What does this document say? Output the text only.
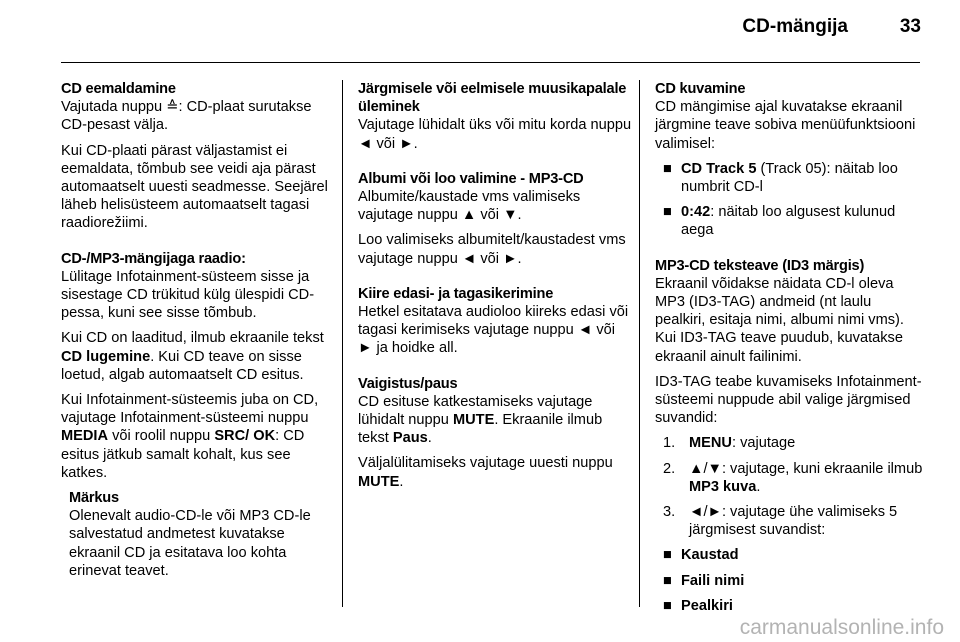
CD-mängija	33
CD eemaldamine

Vajutada nuppu ≙: CD-plaat surutakse CD-pesast välja.

Kui CD-plaati pärast väljastamist ei eemaldata, tõmbub see veidi aja pärast automaatselt uuesti seadmesse. Seejärel läheb helisüsteem automaatselt tagasi raadiorežiimi.

CD-/MP3-mängijaga raadio:

Lülitage Infotainment-süsteem sisse ja sisestage CD trükitud külg ülespidi CD-pessa, kuni see sisse tõmbub.

Kui CD on laaditud, ilmub ekraanile tekst CD lugemine. Kui CD teave on sisse loetud, algab automaatselt CD esitus.

Kui Infotainment-süsteemis juba on CD, vajutage Infotainment-süsteemi nuppu MEDIA või roolil nuppu SRC/ OK: CD esitus jätkub samalt kohalt, kus see katkes.

Märkus

Olenevalt audio-CD-le või MP3 CD-le salvestatud andmetest kuvatakse ekraanil CD ja esitatava loo kohta erinevat teavet.

Järgmisele või eelmisele muusikapalale üleminek

Vajutage lühidalt üks või mitu korda nuppu ◄ või ►.

Albumi või loo valimine - MP3-CD

Albumite/kaustade vms valimiseks vajutage nuppu ▲ või ▼.

Loo valimiseks albumitelt/kaustadest vms vajutage nuppu ◄ või ►.

Kiire edasi- ja tagasikerimine

Hetkel esitatava audioloo kiireks edasi või tagasi kerimiseks vajutage nuppu ◄ või ► ja hoidke all.

Vaigistus/paus

CD esituse katkestamiseks vajutage lühidalt nuppu MUTE. Ekraanile ilmub tekst Paus.

Väljalülitamiseks vajutage uuesti nuppu MUTE.

CD kuvamine

CD mängimise ajal kuvatakse ekraanil järgmine teave sobiva menüüfunktsiooni valimisel:

■ CD Track 5 (Track 05): näitab loo numbrit CD-l
■ 0:42: näitab loo algusest kulunud aega
MP3-CD teksteave (ID3 märgis)

Ekraanil võidakse näidata CD-l oleva MP3 (ID3-TAG) andmeid (nt laulu pealkiri, esitaja nimi, albumi nimi vms). Kui ID3-TAG teave puudub, kuvatakse ekraanil ainult failinimi.

ID3-TAG teabe kuvamiseks Infotainment-süsteemi nuppude abil valige järgmised suvandid:

1. MENU: vajutage
2. ▲/▼: vajutage, kuni ekraanile ilmub MP3 kuva.
3. ◄/►: vajutage ühe valimiseks 5 järgmisest suvandist:
■ Kaustad
■ Faili nimi
■ Pealkiri
carmanualsonline.info
